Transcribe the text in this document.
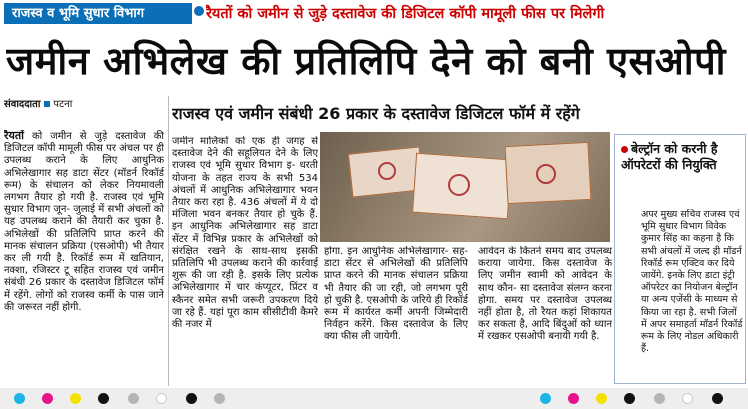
राजस्व व भूमि सुधार विभाग	रैयतों को जमीन से जुड़े दस्तावेज की डिजिटल कॉपी मामूली फीस पर मिलेगी
जमीन अभिलेख की प्रतिलिपि देने को बनी एसओपी
संवाददाता पटना
रैयतों को जमीन से जुड़े दस्तावेज की डिजिटल कॉपी मामूली फीस पर अंचल पर ही उपलब्ध कराने के लिए आधुनिक अभिलेखागार सह डाटा सेंटर (मॉडर्न रिकॉर्ड रूम) के संचालन को लेकर नियमावली लगभग तैयार हो गयी है. राजस्व एवं भूमि सुधार विभाग जून- जुलाई में सभी अंचलों को यह उपलब्ध कराने की तैयारी कर चुका है. अभिलेखों की प्रतिलिपि प्राप्त करने की मानक संचालन प्रक्रिया (एसओपी) भी तैयार कर ली गयी है. रिकॉर्ड रूम में खतियान, नक्शा, रजिस्टर टू सहित राजस्व एवं जमीन संबंधी 26 प्रकार के दस्तावेज डिजिटल फॉर्म में रहेंगे. लोगों को राजस्व कर्मी के पास जाने की जरूरत नहीं होगी.
राजस्व एवं जमीन संबंधी 26 प्रकार के दस्तावेज डिजिटल फॉर्म में रहेंगे
जमीन मालिकों को एक ही जगह से दस्तावेज देने की सहूलियत देने के लिए राजस्व एवं भूमि सुधार विभाग इ- धरती योजना के तहत राज्य के सभी 534 अंचलों में आधुनिक अभिलेखागार भवन तैयार करा रहा है. 436 अंचलों में ये दो मंजिला भवन बनकर तैयार हो चुके हैं. इन आधुनिक अभिलेखागार सह डाटा सेंटर में विभिन्न प्रकार के अभिलेखों को संरक्षित रखने के साथ-साथ इसकी प्रतिलिपि भी उपलब्ध कराने की कार्रवाई शुरू की जा रही है. इसके लिए प्रत्येक अभिलेखागार में चार कंप्यूटर, प्रिंटर व स्कैनर समेत सभी जरूरी उपकरण दिये जा रहे हैं. यहां पूरा काम सीसीटीवी कैमरे की नजर में
होगा. इन आधुनिक अभिलेखागार- सह-डाटा सेंटर से अभिलेखों की प्रतिलिपि प्राप्त करने की मानक संचालन प्रक्रिया भी तैयार की जा रही, जो लगभग पूरी हो चुकी है. एसओपी के जरिये ही रिकॉर्ड रूम में कार्यरत कर्मी अपनी जिम्मेदारी निर्वहन करेंगे. किस दस्तावेज के लिए क्या फीस ली जायेगी.
आवेदन के कितने समय बाद उपलब्ध कराया जायेगा. किस दस्तावेज के लिए जमीन स्वामी को आवेदन के साथ कौन- सा दस्तावेज संलग्न करना होगा. समय पर दस्तावेज उपलब्ध नहीं होता है, तो रैयत कहां शिकायत कर सकता है, आदि बिंदुओं को ध्यान में रखकर एसओपी बनायी गयी है.
बेल्ट्रॉन को करनी है ऑपरेटरों की नियुक्ति
अपर मुख्य सचिव राजस्व एवं भूमि सुधार विभाग विवेक कुमार सिंह का कहना है कि सभी अंचलों में जल्द ही मॉडर्न रिकॉर्ड रूम एक्टिव कर दिये जायेंगे. इनके लिए डाटा इंट्री ऑपरेटर का नियोजन बेल्ट्रॉन या अन्य एजेंसी के माध्यम से किया जा रहा है. सभी जिलों में अपर समाहर्ता मॉडर्न रिकॉर्ड रूम के लिए नोडल अधिकारी हैं.
